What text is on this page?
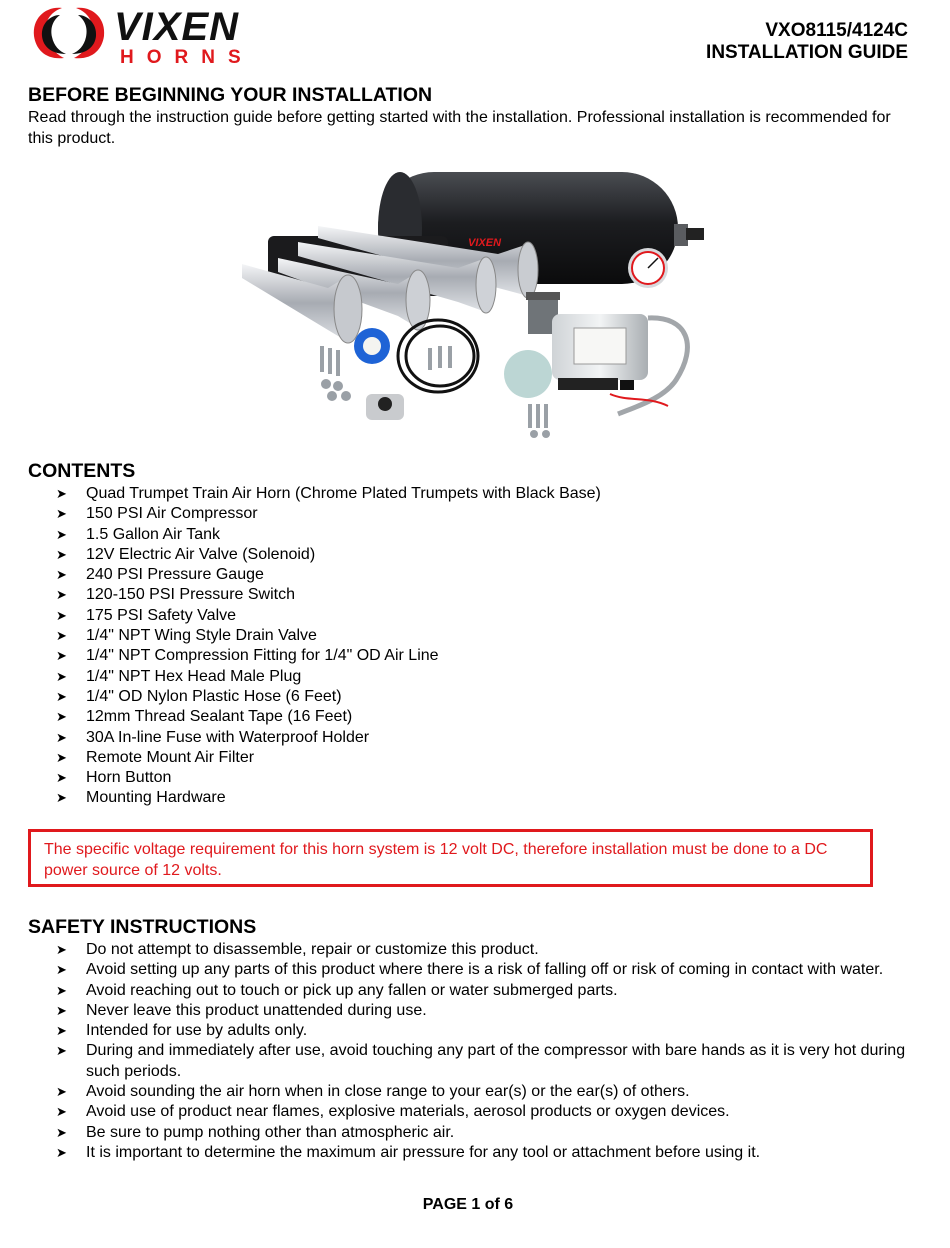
VIXEN
HORNS
VXO8115/4124C
INSTALLATION GUIDE
BEFORE BEGINNING YOUR INSTALLATION

Read through the instruction guide before getting started with the installation. Professional installation is recommended for this product.

VIXEN
CONTENTS
➤	Quad Trumpet Train Air Horn (Chrome Plated Trumpets with Black Base)
➤	150 PSI Air Compressor
➤	1.5 Gallon Air Tank
➤	12V Electric Air Valve (Solenoid)
➤	240 PSI Pressure Gauge
➤	120-150 PSI Pressure Switch
➤	175 PSI Safety Valve
➤	1/4" NPT Wing Style Drain Valve
➤	1/4" NPT Compression Fitting for 1/4" OD Air Line
➤	1/4" NPT Hex Head Male Plug
➤	1/4" OD Nylon Plastic Hose (6 Feet)
➤	12mm Thread Sealant Tape (16 Feet)
➤	30A In-line Fuse with Waterproof Holder
➤	Remote Mount Air Filter
➤	Horn Button
➤	Mounting Hardware

The specific voltage requirement for this horn system is 12 volt DC, therefore installation must be done to a DC power source of 12 volts.

SAFETY INSTRUCTIONS
➤	Do not attempt to disassemble, repair or customize this product.
➤	Avoid setting up any parts of this product where there is a risk of falling off or risk of coming in contact with water.
➤	Avoid reaching out to touch or pick up any fallen or water submerged parts.
➤	Never leave this product unattended during use.
➤	Intended for use by adults only.
➤	During and immediately after use, avoid touching any part of the compressor with bare hands as it is very hot during such periods.
➤	Avoid sounding the air horn when in close range to your ear(s) or the ear(s) of others.
➤	Avoid use of product near flames, explosive materials, aerosol products or oxygen devices.
➤	Be sure to pump nothing other than atmospheric air.
➤	It is important to determine the maximum air pressure for any tool or attachment before using it.
PAGE 1 of 6
